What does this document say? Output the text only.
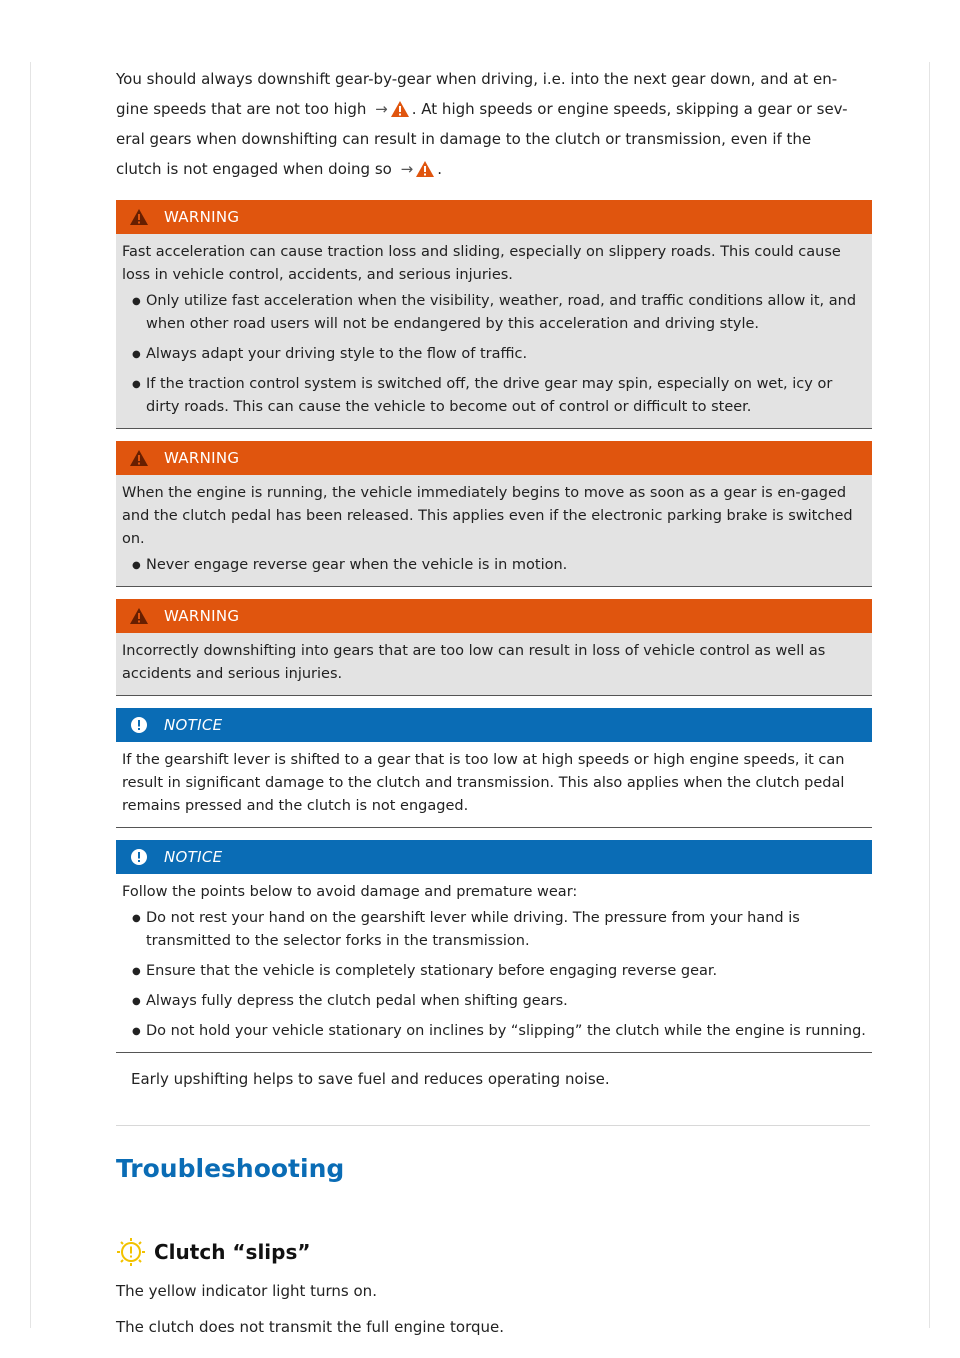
You should always downshift gear-by-gear when driving, i.e. into the next gear down, and at en-

gine speeds that are not too high → . At high speeds or engine speeds, skipping a gear or sev-

eral gears when downshifting can result in damage to the clutch or transmission, even if the

clutch is not engaged when doing so → .

WARNING

Fast acceleration can cause traction loss and sliding, especially on slippery roads. This could cause loss in vehicle control, accidents, and serious injuries.

● Only utilize fast acceleration when the visibility, weather, road, and traffic conditions allow it, and when other road users will not be endangered by this acceleration and driving style.
● Always adapt your driving style to the flow of traffic.
● If the traction control system is switched off, the drive gear may spin, especially on wet, icy or dirty roads. This can cause the vehicle to become out of control or difficult to steer.
WARNING

When the engine is running, the vehicle immediately begins to move as soon as a gear is en-gaged and the clutch pedal has been released. This applies even if the electronic parking brake is switched on.

● Never engage reverse gear when the vehicle is in motion.
WARNING

Incorrectly downshifting into gears that are too low can result in loss of vehicle control as well as accidents and serious injuries.

NOTICE

If the gearshift lever is shifted to a gear that is too low at high speeds or high engine speeds, it can result in significant damage to the clutch and transmission. This also applies when the clutch pedal remains pressed and the clutch is not engaged.

NOTICE

Follow the points below to avoid damage and premature wear:

● Do not rest your hand on the gearshift lever while driving. The pressure from your hand is transmitted to the selector forks in the transmission.
● Ensure that the vehicle is completely stationary before engaging reverse gear.
● Always fully depress the clutch pedal when shifting gears.
● Do not hold your vehicle stationary on inclines by “slipping” the clutch while the engine is running.

Early upshifting helps to save fuel and reduces operating noise.

Troubleshooting
Clutch “slips”

The yellow indicator light turns on.

The clutch does not transmit the full engine torque.
